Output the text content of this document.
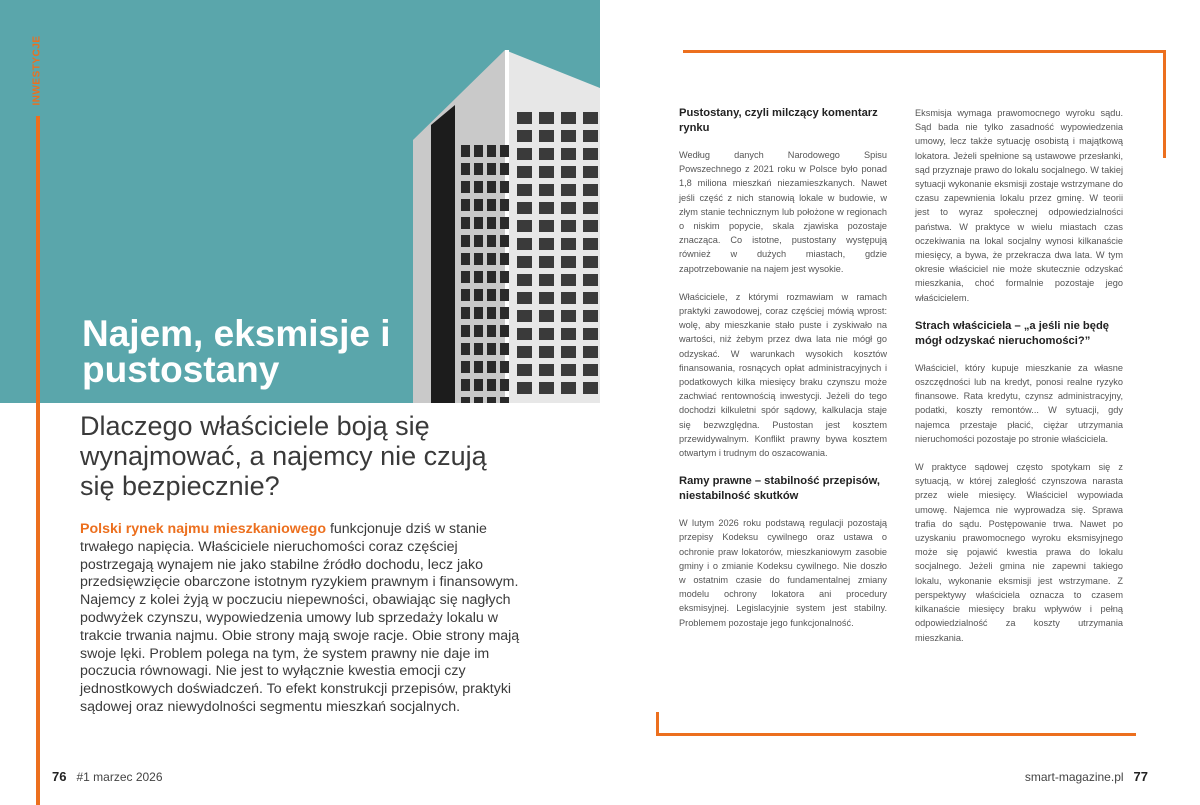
INWESTYCJE
Najem, eksmisje i pustostany
Dlaczego właściciele boją się wynajmować, a najemcy nie czują się bezpiecznie?

Polski rynek najmu mieszkaniowego funkcjonuje dziś w stanie trwałego napięcia. Właściciele nieruchomości coraz częściej postrzegają wynajem nie jako stabilne źródło dochodu, lecz jako przedsięwzięcie obarczone istotnym ryzykiem prawnym i finansowym. Najemcy z kolei żyją w poczuciu niepewności, obawiając się nagłych podwyżek czynszu, wypowiedzenia umowy lub sprzedaży lokalu w trakcie trwania najmu. Obie strony mają swoje racje. Obie strony mają swoje lęki. Problem polega na tym, że system prawny nie daje im poczucia równowagi. Nie jest to wyłącznie kwestia emocji czy jednostkowych doświadczeń. To efekt konstrukcji przepisów, praktyki sądowej oraz niewydolności segmentu mieszkań socjalnych.

76 #1 marzec 2026	smart-magazine.pl 77
Pustostany, czyli milczący komentarz rynku

Według danych Narodowego Spisu Powszechnego z 2021 roku w Polsce było ponad 1,8 miliona mieszkań niezamieszkanych. Nawet jeśli część z nich stanowią lokale w budowie, w złym stanie technicznym lub położone w regionach o niskim popycie, skala zjawiska pozostaje znacząca. Co istotne, pustostany występują również w dużych miastach, gdzie zapotrzebowanie na najem jest wysokie.

Właściciele, z którymi rozmawiam w ramach praktyki zawodowej, coraz częściej mówią wprost: wolę, aby mieszkanie stało puste i zyskiwało na wartości, niż żebym przez dwa lata nie mógł go odzyskać. W warunkach wysokich kosztów finansowania, rosnących opłat administracyjnych i podatkowych kilka miesięcy braku czynszu może zachwiać rentownością inwestycji. Jeżeli do tego dochodzi kilkuletni spór sądowy, kalkulacja staje się bezwzględna. Pustostan jest kosztem przewidywalnym. Konflikt prawny bywa kosztem otwartym i trudnym do oszacowania.

Ramy prawne – stabilność przepisów, niestabilność skutków

W lutym 2026 roku podstawą regulacji pozostają przepisy Kodeksu cywilnego oraz ustawa o ochronie praw lokatorów, mieszkaniowym zasobie gminy i o zmianie Kodeksu cywilnego. Nie doszło w ostatnim czasie do fundamentalnej zmiany modelu ochrony lokatora ani procedury eksmisyjnej. Legislacyjnie system jest stabilny. Problemem pozostaje jego funkcjonalność.

Eksmisja wymaga prawomocnego wyroku sądu. Sąd bada nie tylko zasadność wypowiedzenia umowy, lecz także sytuację osobistą i majątkową lokatora. Jeżeli spełnione są ustawowe przesłanki, sąd przyznaje prawo do lokalu socjalnego. W takiej sytuacji wykonanie eksmisji zostaje wstrzymane do czasu zapewnienia lokalu przez gminę. W teorii jest to wyraz społecznej odpowiedzialności państwa. W praktyce w wielu miastach czas oczekiwania na lokal socjalny wynosi kilkanaście miesięcy, a bywa, że przekracza dwa lata. W tym okresie właściciel nie może skutecznie odzyskać mieszkania, choć formalnie pozostaje jego właścicielem.

Strach właściciela – „a jeśli nie będę mógł odzyskać nieruchomości?”

Właściciel, który kupuje mieszkanie za własne oszczędności lub na kredyt, ponosi realne ryzyko finansowe. Rata kredytu, czynsz administracyjny, podatki, koszty remontów... W sytuacji, gdy najemca przestaje płacić, ciężar utrzymania nieruchomości pozostaje po stronie właściciela.

W praktyce sądowej często spotykam się z sytuacją, w której zaległość czynszowa narasta przez wiele miesięcy. Właściciel wypowiada umowę. Najemca nie wyprowadza się. Sprawa trafia do sądu. Postępowanie trwa. Nawet po uzyskaniu prawomocnego wyroku eksmisyjnego może się pojawić kwestia prawa do lokalu socjalnego. Jeżeli gmina nie zapewni takiego lokalu, wykonanie eksmisji jest wstrzymane. Z perspektywy właściciela oznacza to czasem kilkanaście miesięcy braku wpływów i pełną odpowiedzialność za koszty utrzymania mieszkania.
